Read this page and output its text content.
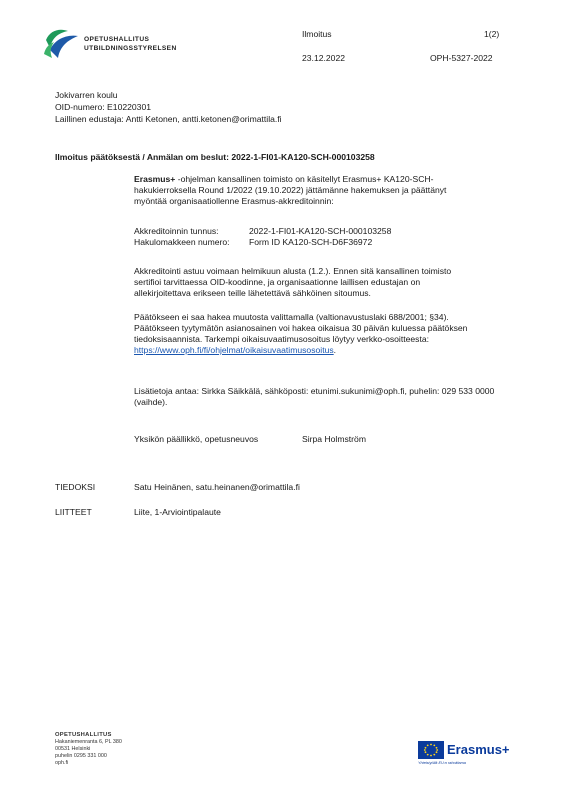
OPETUSHALLITUS
UTBILDNINGSSTYRELSEN
Ilmoitus	1(2)
23.12.2022	OPH-5327-2022
Jokivarren koulu
OID-numero: E10220301
Laillinen edustaja: Antti Ketonen, antti.ketonen@orimattila.fi
Ilmoitus päätöksestä / Anmälan om beslut: 2022-1-FI01-KA120-SCH-000103258
Erasmus+ -ohjelman kansallinen toimisto on käsitellyt Erasmus+ KA120-SCH-hakukierroksella Round 1/2022 (19.10.2022) jättämänne hakemuksen ja päättänyt myöntää organisaatiollenne Erasmus-akkreditoinnin:
Akkreditoinnin tunnus:	2022-1-FI01-KA120-SCH-000103258
Hakulomakkeen numero: Form ID KA120-SCH-D6F36972
Akkreditointi astuu voimaan helmikuun alusta (1.2.). Ennen sitä kansallinen toimisto sertifioi tarvittaessa OID-koodinne, ja organisaationne laillisen edustajan on allekirjoitettava erikseen teille lähetettävä sähköinen sitoumus.
Päätökseen ei saa hakea muutosta valittamalla (valtionavustuslaki 688/2001; §34). Päätökseen tyytymätön asianosainen voi hakea oikaisua 30 päivän kuluessa päätöksen tiedoksisaannista. Tarkempi oikaisuvaatimusosoitus löytyy verkko-osoitteesta: https://www.oph.fi/fi/ohjelmat/oikaisuvaatimusosoitus.
Lisätietoja antaa: Sirkka Säikkälä, sähköposti: etunimi.sukunimi@oph.fi, puhelin: 029 533 0000 (vaihde).
Yksikön päällikkö, opetusneuvos	Sirpa Holmström
TIEDOKSI	Satu Heinänen, satu.heinanen@orimattila.fi
LIITTEET	Liite, 1-Arviointipalaute
OPETUSHALLITUS
Hakaniemenranta 6, PL 380
00531 Helsinki
puhelin 0295 331 000
oph.fi
Erasmus+
Yhteistyöllä EU:n rahoittama
